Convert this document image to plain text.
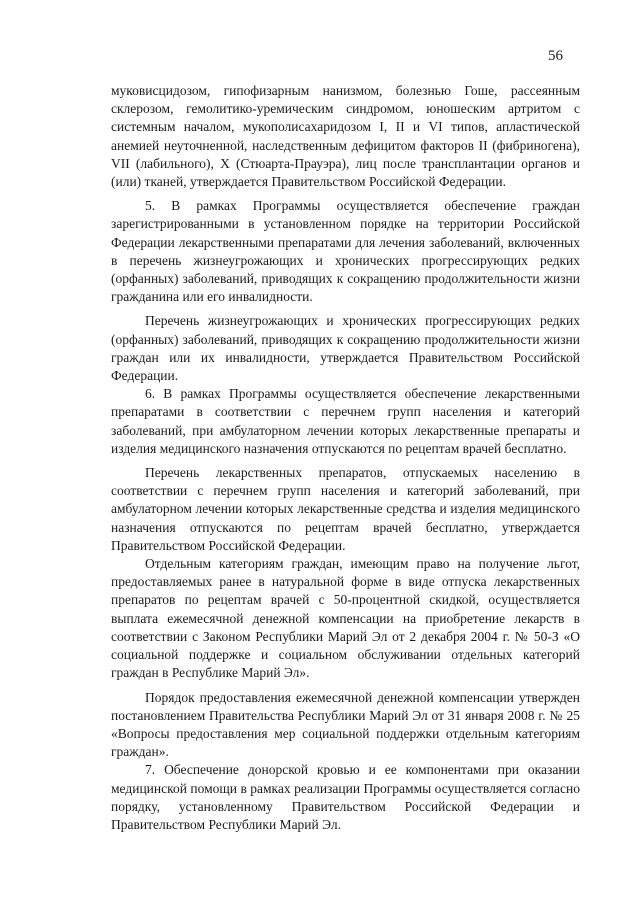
56

муковисцидозом, гипофизарным нанизмом, болезнью Гоше, рассеянным склерозом, гемолитико-уремическим синдромом, юношеским артритом с системным началом, мукополисахаридозом I, II и VI типов, апластической анемией неуточненной, наследственным дефицитом факторов II (фибриногена), VII (лабильного), X (Стюарта-Прауэра), лиц после трансплантации органов и (или) тканей, утверждается Правительством Российской Федерации.

5. В рамках Программы осуществляется обеспечение граждан зарегистрированными в установленном порядке на территории Российской Федерации лекарственными препаратами для лечения заболеваний, включенных в перечень жизнеугрожающих и хронических прогрессирующих редких (орфанных) заболеваний, приводящих к сокращению продолжительности жизни гражданина или его инвалидности.

Перечень жизнеугрожающих и хронических прогрессирующих редких (орфанных) заболеваний, приводящих к сокращению продолжительности жизни граждан или их инвалидности, утверждается Правительством Российской Федерации.

6. В рамках Программы осуществляется обеспечение лекарственными препаратами в соответствии с перечнем групп населения и категорий заболеваний, при амбулаторном лечении которых лекарственные препараты и изделия медицинского назначения отпускаются по рецептам врачей бесплатно.

Перечень лекарственных препаратов, отпускаемых населению в соответствии с перечнем групп населения и категорий заболеваний, при амбулаторном лечении которых лекарственные средства и изделия медицинского назначения отпускаются по рецептам врачей бесплатно, утверждается Правительством Российской Федерации.

Отдельным категориям граждан, имеющим право на получение льгот, предоставляемых ранее в натуральной форме в виде отпуска лекарственных препаратов по рецептам врачей с 50-процентной скидкой, осуществляется выплата ежемесячной денежной компенсации на приобретение лекарств в соответствии с Законом Республики Марий Эл от 2 декабря 2004 г. № 50-З «О социальной поддержке и социальном обслуживании отдельных категорий граждан в Республике Марий Эл».

Порядок предоставления ежемесячной денежной компенсации утвержден постановлением Правительства Республики Марий Эл от 31 января 2008 г. № 25 «Вопросы предоставления мер социальной поддержки отдельным категориям граждан».

7. Обеспечение донорской кровью и ее компонентами при оказании медицинской помощи в рамках реализации Программы осуществляется согласно порядку, установленному Правительством Российской Федерации и Правительством Республики Марий Эл.
